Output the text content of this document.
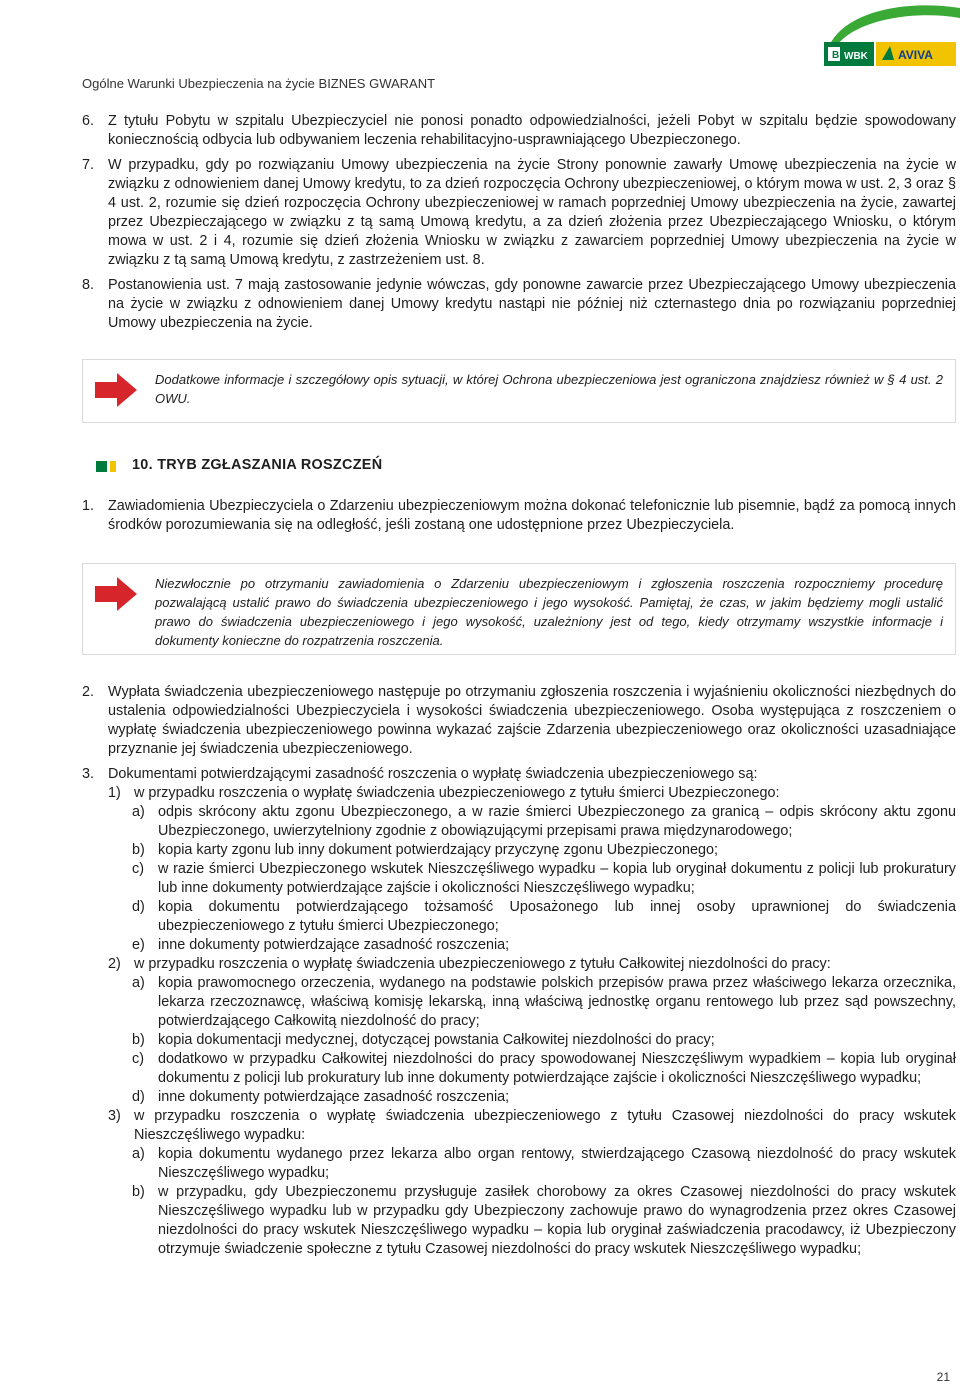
Ogólne Warunki Ubezpieczenia na życie BIZNES GWARANT
B WBK	AVIVA

6. Z tytułu Pobytu w szpitalu Ubezpieczyciel nie ponosi ponadto odpowiedzialności, jeżeli Pobyt w szpitalu będzie spowodowany koniecznością odbycia lub odbywaniem leczenia rehabilitacyjno-usprawniającego Ubezpieczonego.

7. W przypadku, gdy po rozwiązaniu Umowy ubezpieczenia na życie Strony ponownie zawarły Umowę ubezpieczenia na życie w związku z odnowieniem danej Umowy kredytu, to za dzień rozpoczęcia Ochrony ubezpieczeniowej, o którym mowa w ust. 2, 3 oraz § 4 ust. 2, rozumie się dzień rozpoczęcia Ochrony ubezpieczeniowej w ramach poprzedniej Umowy ubezpieczenia na życie, zawartej przez Ubezpieczającego w związku z tą samą Umową kredytu, a za dzień złożenia przez Ubezpieczającego Wniosku, o którym mowa w ust. 2 i 4, rozumie się dzień złożenia Wniosku w związku z zawarciem poprzedniej Umowy ubezpieczenia na życie w związku z tą samą Umową kredytu, z zastrzeżeniem ust. 8.

8. Postanowienia ust. 7 mają zastosowanie jedynie wówczas, gdy ponowne zawarcie przez Ubezpieczającego Umowy ubezpieczenia na życie w związku z odnowieniem danej Umowy kredytu nastąpi nie później niż czternastego dnia po rozwiązaniu poprzedniej Umowy ubezpieczenia na życie.

Dodatkowe informacje i szczegółowy opis sytuacji, w której Ochrona ubezpieczeniowa jest ograniczona znajdziesz również w § 4 ust. 2 OWU.
10. TRYB ZGŁASZANIA ROSZCZEŃ

1. Zawiadomienia Ubezpieczyciela o Zdarzeniu ubezpieczeniowym można dokonać telefonicznie lub pisemnie, bądź za pomocą innych środków porozumiewania się na odległość, jeśli zostaną one udostępnione przez Ubezpieczyciela.

Niezwłocznie po otrzymaniu zawiadomienia o Zdarzeniu ubezpieczeniowym i zgłoszenia roszczenia rozpoczniemy procedurę pozwalającą ustalić prawo do świadczenia ubezpieczeniowego i jego wysokość. Pamiętaj, że czas, w jakim będziemy mogli ustalić prawo do świadczenia ubezpieczeniowego i jego wysokość, uzależniony jest od tego, kiedy otrzymamy wszystkie informacje i dokumenty konieczne do rozpatrzenia roszczenia.

2. Wypłata świadczenia ubezpieczeniowego następuje po otrzymaniu zgłoszenia roszczenia i wyjaśnieniu okoliczności niezbędnych do ustalenia odpowiedzialności Ubezpieczyciela i wysokości świadczenia ubezpieczeniowego. Osoba występująca z roszczeniem o wypłatę świadczenia ubezpieczeniowego powinna wykazać zajście Zdarzenia ubezpieczeniowego oraz okoliczności uzasadniające przyznanie jej świadczenia ubezpieczeniowego.

3. Dokumentami potwierdzającymi zasadność roszczenia o wypłatę świadczenia ubezpieczeniowego są:

1) w przypadku roszczenia o wypłatę świadczenia ubezpieczeniowego z tytułu śmierci Ubezpieczonego:

a) odpis skrócony aktu zgonu Ubezpieczonego, a w razie śmierci Ubezpieczonego za granicą – odpis skrócony aktu zgonu Ubezpieczonego, uwierzytelniony zgodnie z obowiązującymi przepisami prawa międzynarodowego;

b) kopia karty zgonu lub inny dokument potwierdzający przyczynę zgonu Ubezpieczonego;

c) w razie śmierci Ubezpieczonego wskutek Nieszczęśliwego wypadku – kopia lub oryginał dokumentu z policji lub prokuratury lub inne dokumenty potwierdzające zajście i okoliczności Nieszczęśliwego wypadku;

d) kopia dokumentu potwierdzającego tożsamość Uposażonego lub innej osoby uprawnionej do świadczenia ubezpieczeniowego z tytułu śmierci Ubezpieczonego;

e) inne dokumenty potwierdzające zasadność roszczenia;

2) w przypadku roszczenia o wypłatę świadczenia ubezpieczeniowego z tytułu Całkowitej niezdolności do pracy:

a) kopia prawomocnego orzeczenia, wydanego na podstawie polskich przepisów prawa przez właściwego lekarza orzecznika, lekarza rzeczoznawcę, właściwą komisję lekarską, inną właściwą jednostkę organu rentowego lub przez sąd powszechny, potwierdzającego Całkowitą niezdolność do pracy;

b) kopia dokumentacji medycznej, dotyczącej powstania Całkowitej niezdolności do pracy;

c) dodatkowo w przypadku Całkowitej niezdolności do pracy spowodowanej Nieszczęśliwym wypadkiem – kopia lub oryginał dokumentu z policji lub prokuratury lub inne dokumenty potwierdzające zajście i okoliczności Nieszczęśliwego wypadku;

d) inne dokumenty potwierdzające zasadność roszczenia;

3) w przypadku roszczenia o wypłatę świadczenia ubezpieczeniowego z tytułu Czasowej niezdolności do pracy wskutek Nieszczęśliwego wypadku:

a) kopia dokumentu wydanego przez lekarza albo organ rentowy, stwierdzającego Czasową niezdolność do pracy wskutek Nieszczęśliwego wypadku;

b) w przypadku, gdy Ubezpieczonemu przysługuje zasiłek chorobowy za okres Czasowej niezdolności do pracy wskutek Nieszczęśliwego wypadku lub w przypadku gdy Ubezpieczony zachowuje prawo do wynagrodzenia przez okres Czasowej niezdolności do pracy wskutek Nieszczęśliwego wypadku – kopia lub oryginał zaświadczenia pracodawcy, iż Ubezpieczony otrzymuje świadczenie społeczne z tytułu Czasowej niezdolności do pracy wskutek Nieszczęśliwego wypadku;

21
